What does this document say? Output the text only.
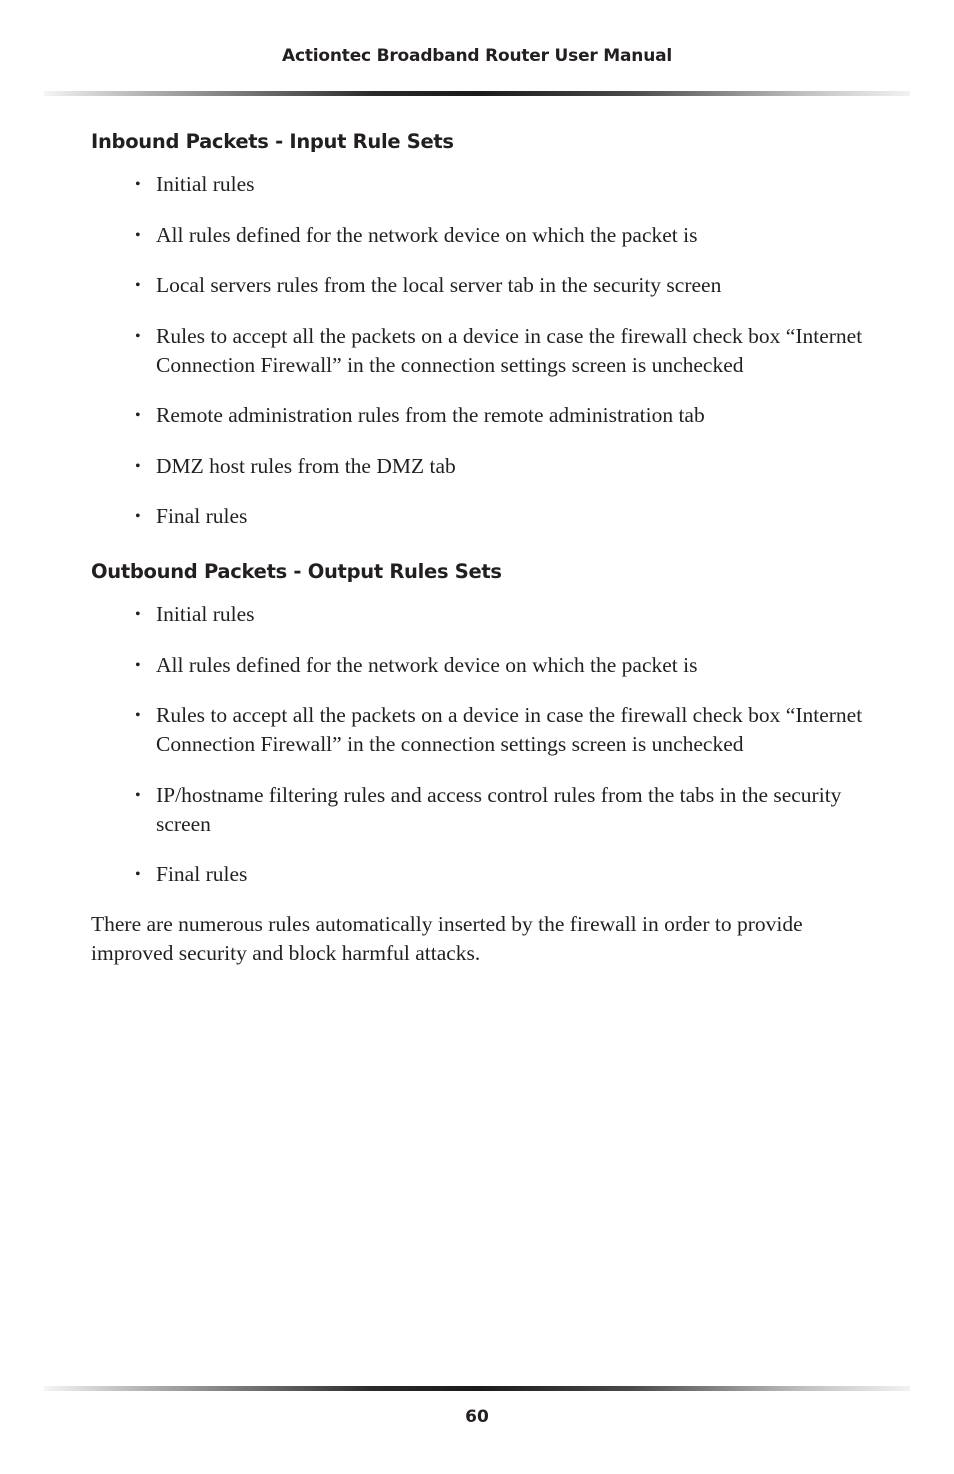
Actiontec Broadband Router User Manual
Inbound Packets - Input Rule Sets
• Initial rules
• All rules defined for the network device on which the packet is
• Local servers rules from the local server tab in the security screen
• Rules to accept all the packets on a device in case the firewall check box “Internet Connection Firewall” in the connection settings screen is unchecked
• Remote administration rules from the remote administration tab
• DMZ host rules from the DMZ tab
• Final rules
Outbound Packets - Output Rules Sets
• Initial rules
• All rules defined for the network device on which the packet is
• Rules to accept all the packets on a device in case the firewall check box “Internet Connection Firewall” in the connection settings screen is unchecked
• IP/hostname filtering rules and access control rules from the tabs in the security screen
• Final rules

There are numerous rules automatically inserted by the firewall in order to provide improved security and block harmful attacks.

60
